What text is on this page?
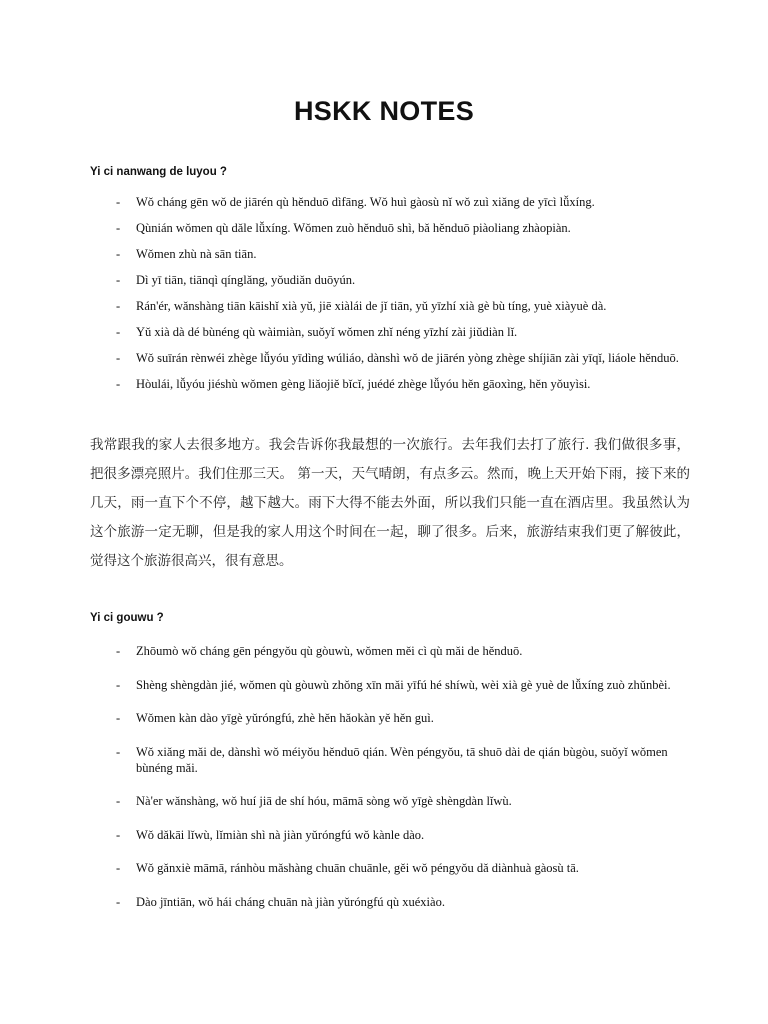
HSKK NOTES
Yi ci nanwang de luyou ?
- Wǒ cháng gēn wǒ de jiārén qù hěnduō dìfāng. Wǒ huì gàosù nǐ wǒ zuì xiǎng de yīcì lǚxíng.
- Qùnián wǒmen qù dǎle lǚxíng. Wǒmen zuò hěnduō shì, bǎ hěnduō piàoliang zhàopiàn.
- Wǒmen zhù nà sān tiān.
- Dì yī tiān, tiānqì qínglǎng, yǒudiǎn duōyún.
- Rán'ér, wǎnshàng tiān kāishǐ xià yǔ, jiē xiàlái de jǐ tiān, yǔ yīzhí xià gè bù tíng, yuè xiàyuè dà.
- Yǔ xià dà dé bùnéng qù wàimiàn, suǒyǐ wǒmen zhǐ néng yīzhí zài jiǔdiàn lǐ.
- Wǒ suīrán rènwéi zhège lǚyóu yīdìng wúliáo, dànshì wǒ de jiārén yòng zhège shíjiān zài yīqǐ, liáole hěnduō.
- Hòulái, lǚyóu jiéshù wǒmen gèng liǎojiě bǐcǐ, juédé zhège lǚyóu hěn gāoxìng, hěn yǒuyìsi.

我常跟我的家人去很多地方。我会告诉你我最想的一次旅行。去年我们去打了旅行. 我们做很多事，把很多漂亮照片。我们住那三天。 第一天，天气晴朗，有点多云。然而，晚上天开始下雨，接下来的几天，雨一直下个不停，越下越大。雨下大得不能去外面，所以我们只能一直在酒店里。我虽然认为这个旅游一定无聊，但是我的家人用这个时间在一起，聊了很多。后来，旅游结束我们更了解彼此，觉得这个旅游很高兴，很有意思。

Yi ci gouwu ?
- Zhōumò wǒ cháng gēn péngyǒu qù gòuwù, wǒmen měi cì qù mǎi de hěnduō.
- Shèng shèngdàn jié, wǒmen qù gòuwù zhǒng xīn mǎi yīfú hé shíwù, wèi xià gè yuè de lǚxíng zuò zhǔnbèi.
- Wǒmen kàn dào yīgè yǔróngfú, zhè hěn hǎokàn yě hěn guì.
- Wǒ xiǎng mǎi de, dànshì wǒ méiyǒu hěnduō qián. Wèn péngyǒu, tā shuō dài de qián bùgòu, suǒyǐ wǒmen bùnéng mǎi.
- Nà'er wǎnshàng, wǒ huí jiā de shí hóu, māmā sòng wǒ yīgè shèngdàn lǐwù.
- Wǒ dǎkāi lǐwù, lǐmiàn shì nà jiàn yǔróngfú wǒ kànle dào.
- Wǒ gǎnxiè māmā, ránhòu mǎshàng chuān chuānle, gěi wǒ péngyǒu dǎ diànhuà gàosù tā.
- Dào jīntiān, wǒ hái cháng chuān nà jiàn yǔróngfú qù xuéxiào.
